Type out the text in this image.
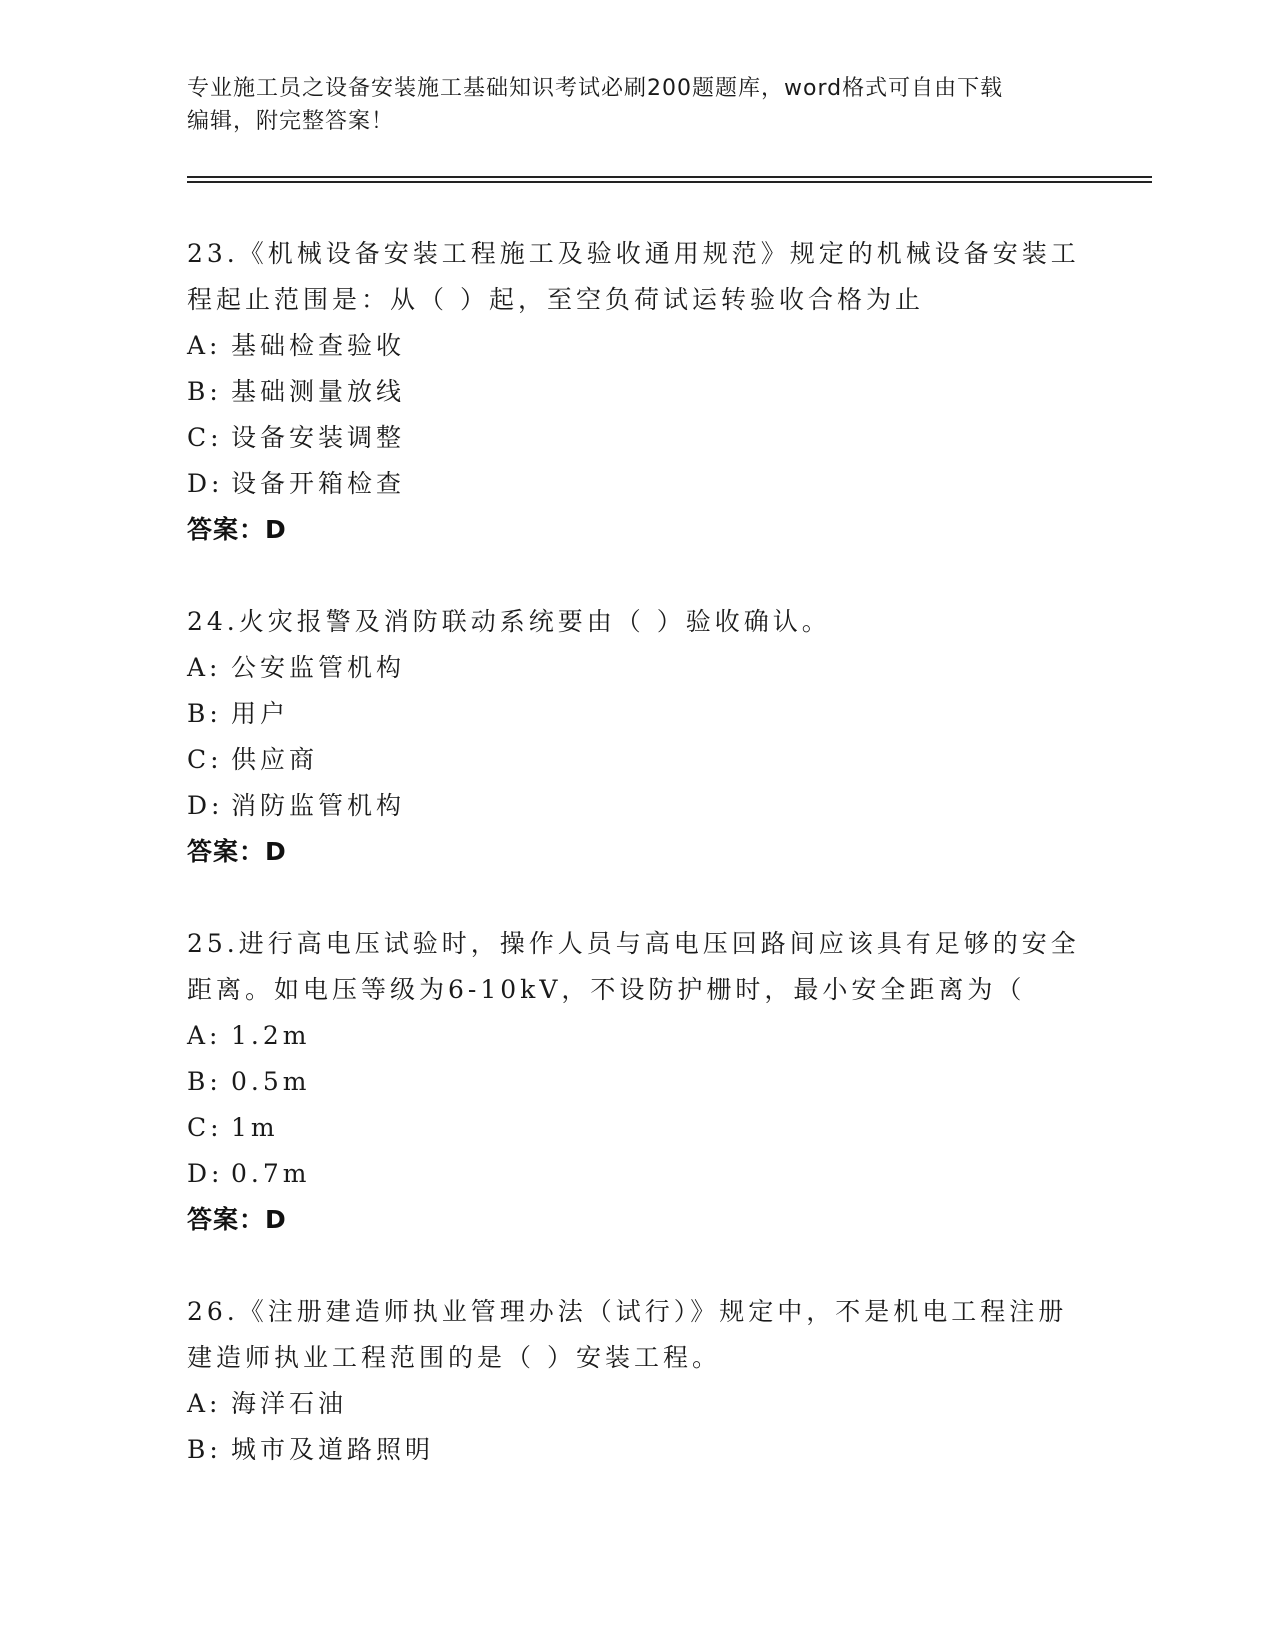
专业施工员之设备安装施工基础知识考试必刷200题题库，word格式可自由下载
编辑，附完整答案！
23.《机械设备安装工程施工及验收通用规范》规定的机械设备安装工
程起止范围是：从（ ）起，至空负荷试运转验收合格为止
A: 基础检查验收
B: 基础测量放线
C: 设备安装调整
D: 设备开箱检查
答案：D
24.火灾报警及消防联动系统要由（ ）验收确认。
A: 公安监管机构
B: 用户
C: 供应商
D: 消防监管机构
答案：D
25.进行高电压试验时，操作人员与高电压回路间应该具有足够的安全
距离。如电压等级为6-10kV，不设防护栅时，最小安全距离为（
A: 1.2m
B: 0.5m
C: 1m
D: 0.7m
答案：D
26.《注册建造师执业管理办法（试行）》规定中，不是机电工程注册
建造师执业工程范围的是（ ）安装工程。
A: 海洋石油
B: 城市及道路照明
